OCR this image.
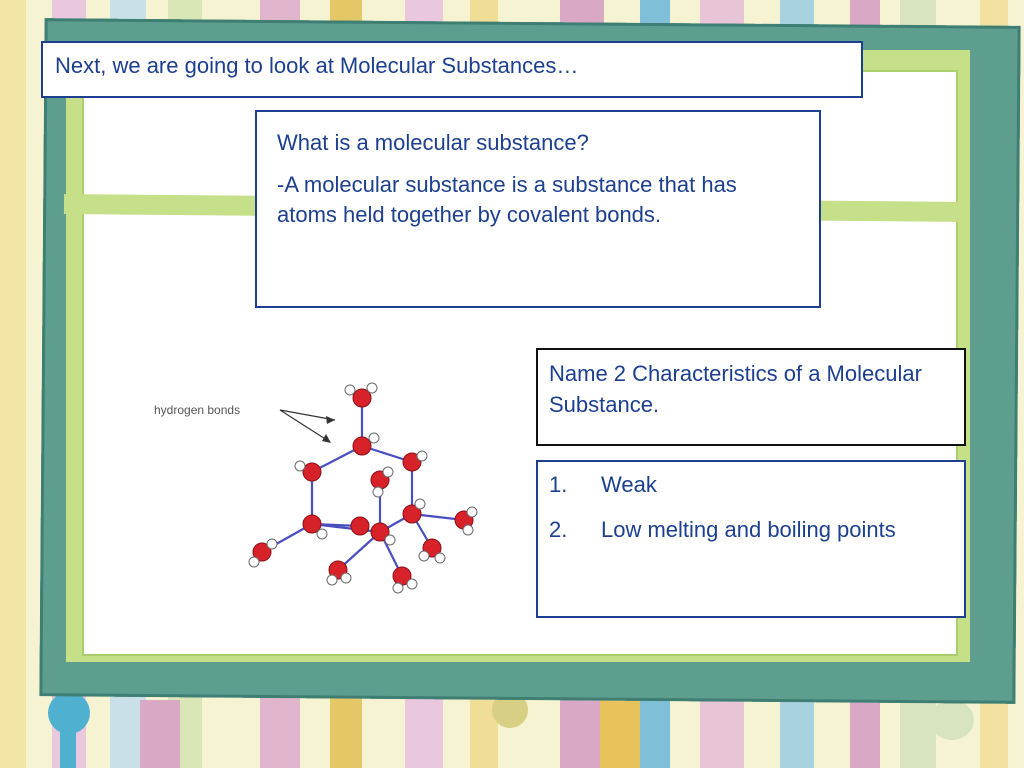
Next, we are going to look at Molecular Substances…

What is a molecular substance?

-A molecular substance is a substance that has atoms held together by covalent bonds.

Name 2 Characteristics of a Molecular Substance.
1.	Weak
2.	Low melting and boiling points
hydrogen bonds
